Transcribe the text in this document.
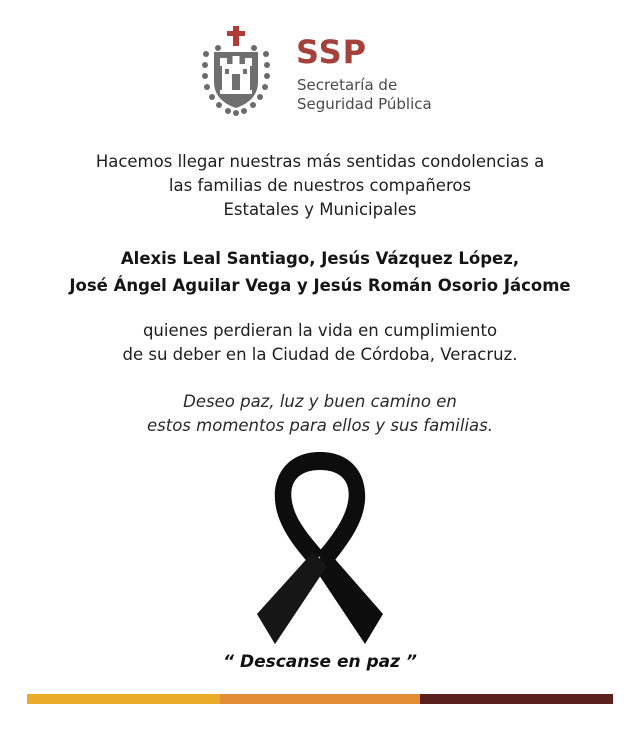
SSP
Secretaría de
Seguridad Pública
Hacemos llegar nuestras más sentidas condolencias a
las familias de nuestros compañeros
Estatales y Municipales
Alexis Leal Santiago, Jesús Vázquez López,
José Ángel Aguilar Vega y Jesús Román Osorio Jácome
quienes perdieran la vida en cumplimiento
de su deber en la Ciudad de Córdoba, Veracruz.
Deseo paz, luz y buen camino en
estos momentos para ellos y sus familias.
“ Descanse en paz ”
